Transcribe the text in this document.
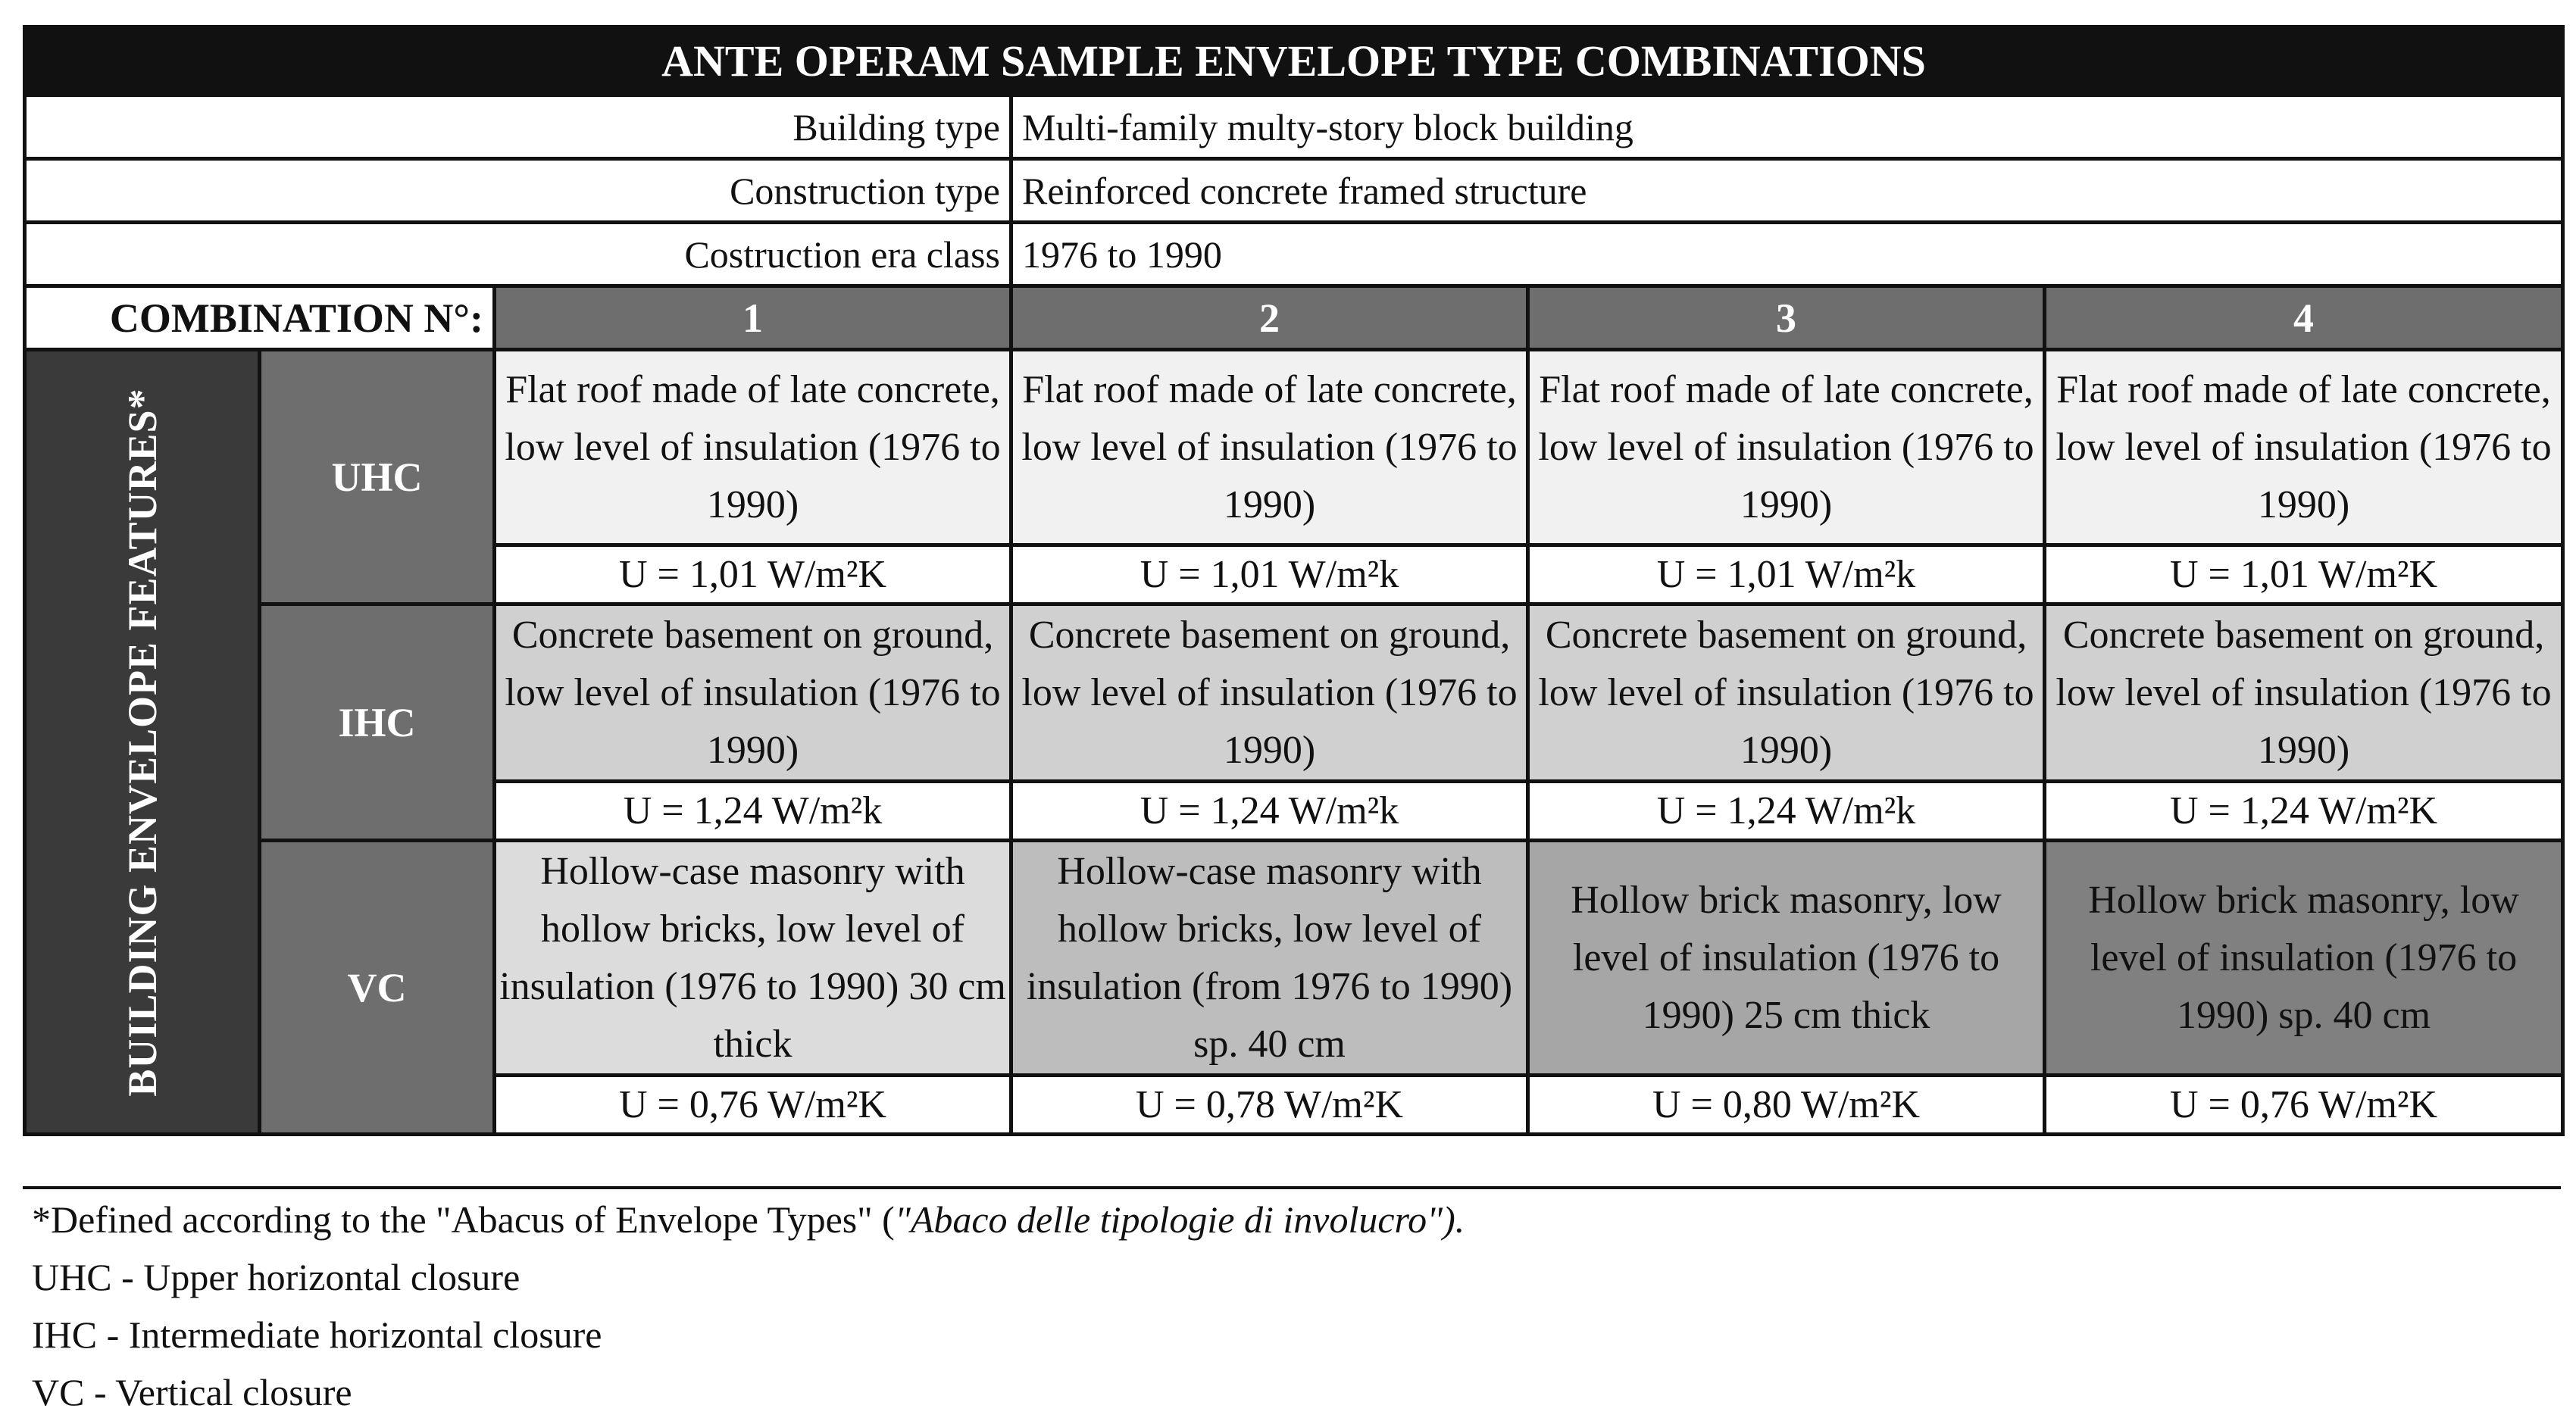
ANTE OPERAM SAMPLE ENVELOPE TYPE COMBINATIONS					
Building type			Multi-family multy-story block building		
Construction type			Reinforced concrete framed structure		
Costruction era class			1976 to 1990		
COMBINATION N°:		1	2	3	4

BUILDING ENVELOPE FEATURES*	UHC	Flat roof made of late concrete, low level of insulation (1976 to 1990)	Flat roof made of late concrete, low level of insulation (1976 to 1990)	Flat roof made of late concrete, low level of insulation (1976 to 1990)	Flat roof made of late concrete, low level of insulation (1976 to 1990)
		U = 1,01 W/m²K	U = 1,01 W/m²k	U = 1,01 W/m²k	U = 1,01 W/m²K
	IHC	Concrete basement on ground, low level of insulation (1976 to 1990)	Concrete basement on ground, low level of insulation (1976 to 1990)	Concrete basement on ground, low level of insulation (1976 to 1990)	Concrete basement on ground, low level of insulation (1976 to 1990)
		U = 1,24 W/m²k	U = 1,24 W/m²k	U = 1,24 W/m²k	U = 1,24 W/m²K
	VC	Hollow-case masonry with hollow bricks, low level of insulation (1976 to 1990) 30 cm thick	Hollow-case masonry with hollow bricks, low level of insulation (from 1976 to 1990) sp. 40 cm	Hollow brick masonry, low level of insulation (1976 to 1990) 25 cm thick	Hollow brick masonry, low level of insulation (1976 to 1990) sp. 40 cm
		U = 0,76 W/m²K	U = 0,78 W/m²K	U = 0,80 W/m²K	U = 0,76 W/m²K
*Defined according to the "Abacus of Envelope Types" ("Abaco delle tipologie di involucro").
UHC - Upper horizontal closure
IHC - Intermediate horizontal closure
VC - Vertical closure
